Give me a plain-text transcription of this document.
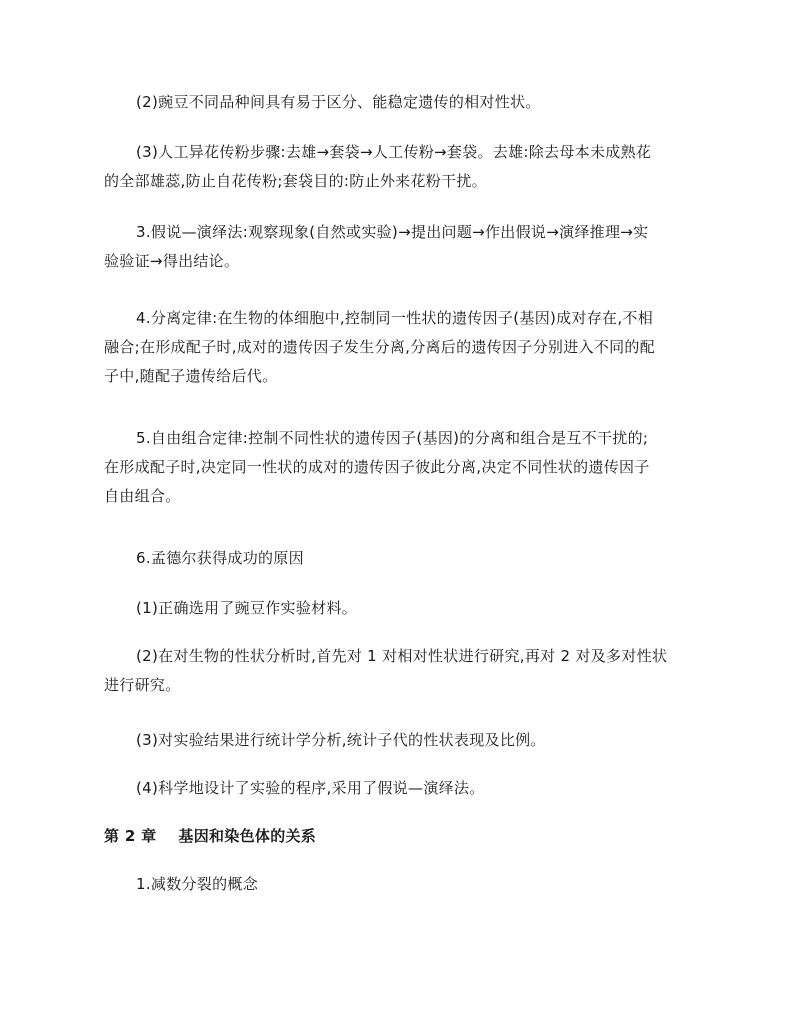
(2)豌豆不同品种间具有易于区分、能稳定遗传的相对性状。

(3)人工异花传粉步骤:去雄→套袋→人工传粉→套袋。去雄:除去母本未成熟花
的全部雄蕊,防止自花传粉;套袋目的:防止外来花粉干扰。

3.假说—演绎法:观察现象(自然或实验)→提出问题→作出假说→演绎推理→实
验验证→得出结论。

4.分离定律:在生物的体细胞中,控制同一性状的遗传因子(基因)成对存在,不相
融合;在形成配子时,成对的遗传因子发生分离,分离后的遗传因子分别进入不同的配
子中,随配子遗传给后代。

5.自由组合定律:控制不同性状的遗传因子(基因)的分离和组合是互不干扰的;
在形成配子时,决定同一性状的成对的遗传因子彼此分离,决定不同性状的遗传因子
自由组合。

6.孟德尔获得成功的原因

(1)正确选用了豌豆作实验材料。

(2)在对生物的性状分析时,首先对 1 对相对性状进行研究,再对 2 对及多对性状
进行研究。

(3)对实验结果进行统计学分析,统计子代的性状表现及比例。

(4)科学地设计了实验的程序,采用了假说—演绎法。

第 2 章 基因和染色体的关系

1.减数分裂的概念
